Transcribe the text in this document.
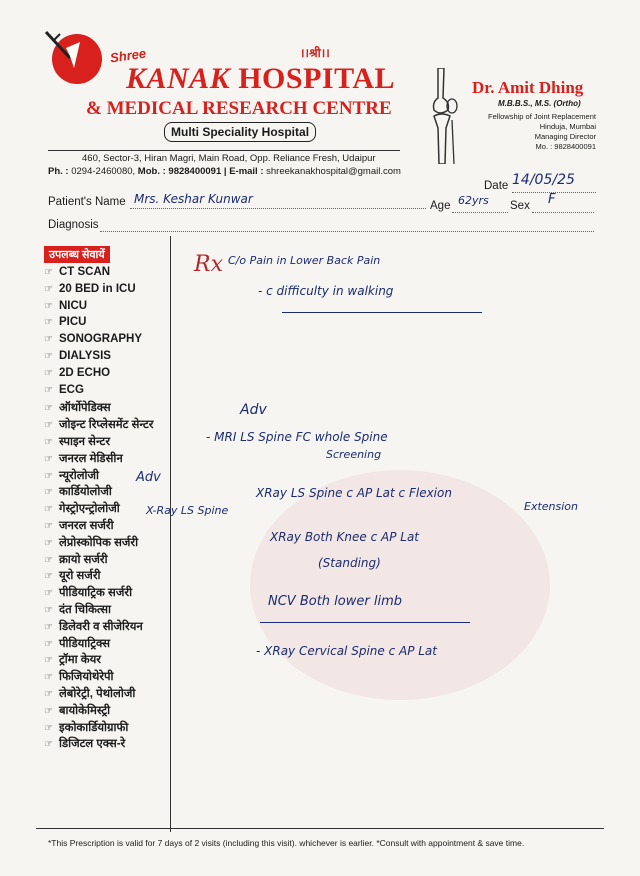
Shree	।।श्री।।
KANAK HOSPITAL
& MEDICAL RESEARCH CENTRE
Multi Speciality Hospital
460, Sector-3, Hiran Magri, Main Road, Opp. Reliance Fresh, Udaipur
Ph. : 0294-2460080, Mob. : 9828400091 | E-mail : shreekanakhospital@gmail.com
Dr. Amit Dhing
M.B.B.S., M.S. (Ortho)
Fellowship of Joint Replacement
Hinduja, Mumbai
Managing Director
Mo. : 9828400091
Date 14/05/25
Patient's Name Mrs. Keshar Kunwar	Age 62yrs Sex F
Diagnosis
उपलब्ध सेवायें
☞ CT SCAN
☞ 20 BED in ICU
☞ NICU
☞ PICU
☞ SONOGRAPHY
☞ DIALYSIS
☞ 2D ECHO
☞ ECG
☞ ऑर्थोपेडिक्स
☞ जोइन्ट रिप्लेसमेंट सेन्टर
☞ स्पाइन सेन्टर
☞ जनरल मेडिसीन
☞ न्यूरोलोजी
☞ कार्डियोलोजी
☞ गेस्ट्रोएन्ट्रोलोजी
☞ जनरल सर्जरी
☞ लेप्रोस्कोपिक सर्जरी
☞ क्रायो सर्जरी
☞ यूरो सर्जरी
☞ पीडियाट्रिक सर्जरी
☞ दंत चिकित्सा
☞ डिलेवरी व सीजेरियन
☞ पीडियाट्रिक्स
☞ ट्रॉमा केयर
☞ फिजियोथेरेपी
☞ लेबोरेट्री, पेथोलोजी
☞ बायोकेमिस्ट्री
☞ इकोकार्डियोग्राफी
☞ डिजिटल एक्स-रे
Rx C/o Pain in Lower Back Pain
- c difficulty in walking
Adv
- MRI LS Spine FC whole Spine
Screening
Adv
X-Ray LS Spine
XRay LS Spine c AP Lat c Flexion
Extension
XRay Both Knee c AP Lat
(Standing)
NCV Both lower limb
- XRay Cervical Spine c AP Lat
*This Prescription is valid for 7 days of 2 visits (including this visit). whichever is earlier. *Consult with appointment & save time.
